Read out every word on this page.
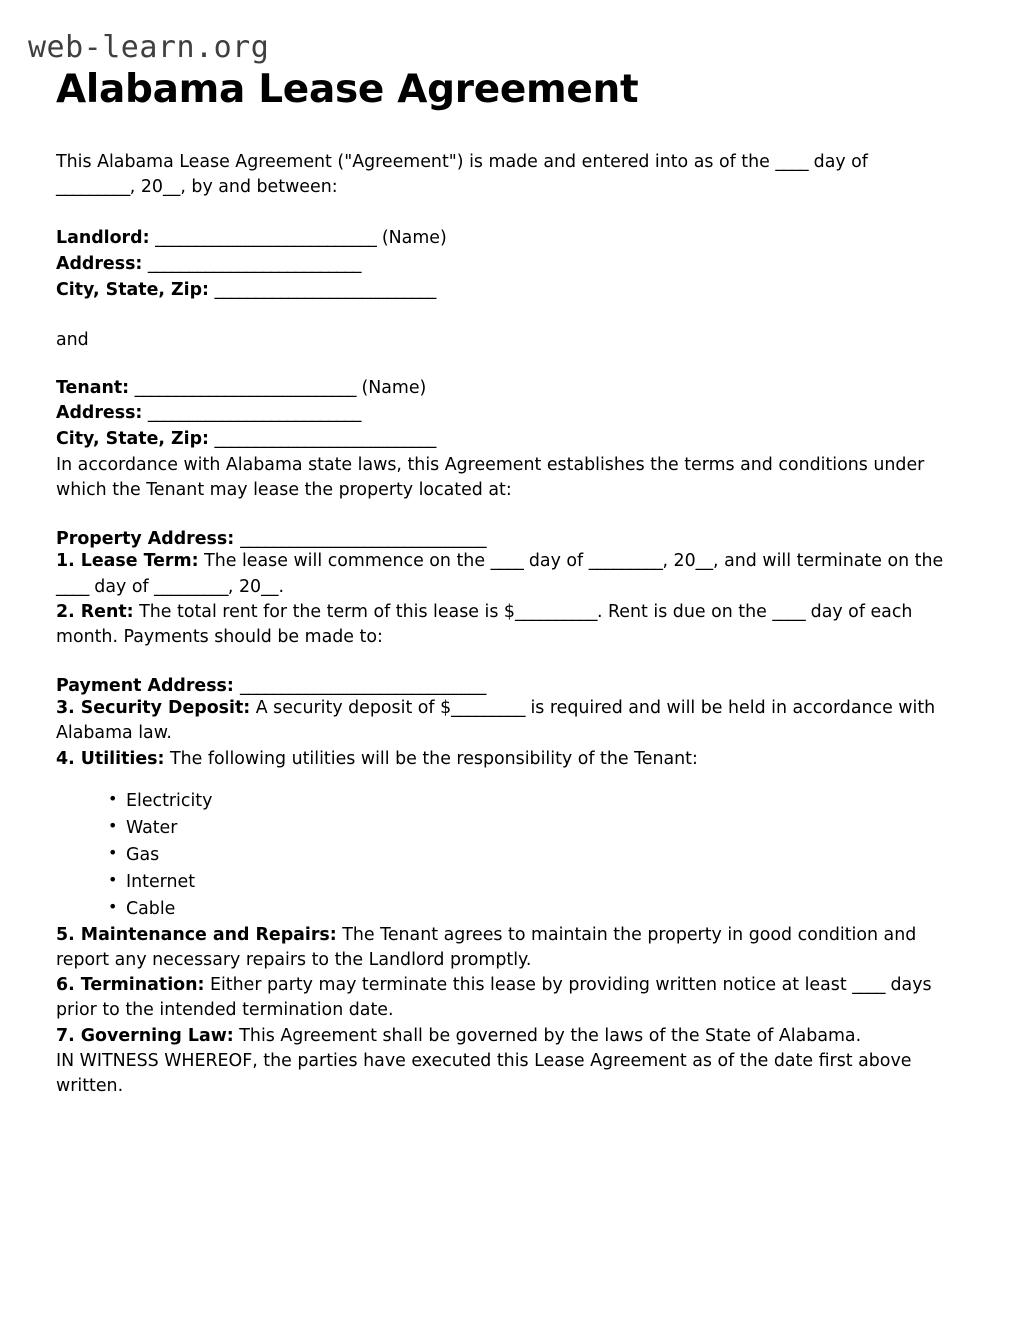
web-learn.org
Alabama Lease Agreement

This Alabama Lease Agreement ("Agreement") is made and entered into as of the ____ day of _________, 20__, by and between:

Landlord: ___________________________ (Name)
Address: __________________________
City, State, Zip: ___________________________
and
Tenant: ___________________________ (Name)
Address: __________________________
City, State, Zip: ___________________________

In accordance with Alabama state laws, this Agreement establishes the terms and conditions under which the Tenant may lease the property located at:

Property Address: ______________________________

1. Lease Term: The lease will commence on the ____ day of _________, 20__, and will terminate on the ____ day of _________, 20__.

2. Rent: The total rent for the term of this lease is $__________. Rent is due on the ____ day of each month. Payments should be made to:

Payment Address: ______________________________

3. Security Deposit: A security deposit of $_________ is required and will be held in accordance with Alabama law.

4. Utilities: The following utilities will be the responsibility of the Tenant:

• Electricity
• Water
• Gas
• Internet
• Cable

5. Maintenance and Repairs: The Tenant agrees to maintain the property in good condition and report any necessary repairs to the Landlord promptly.

6. Termination: Either party may terminate this lease by providing written notice at least ____ days prior to the intended termination date.

7. Governing Law: This Agreement shall be governed by the laws of the State of Alabama.

IN WITNESS WHEREOF, the parties have executed this Lease Agreement as of the date first above written.
